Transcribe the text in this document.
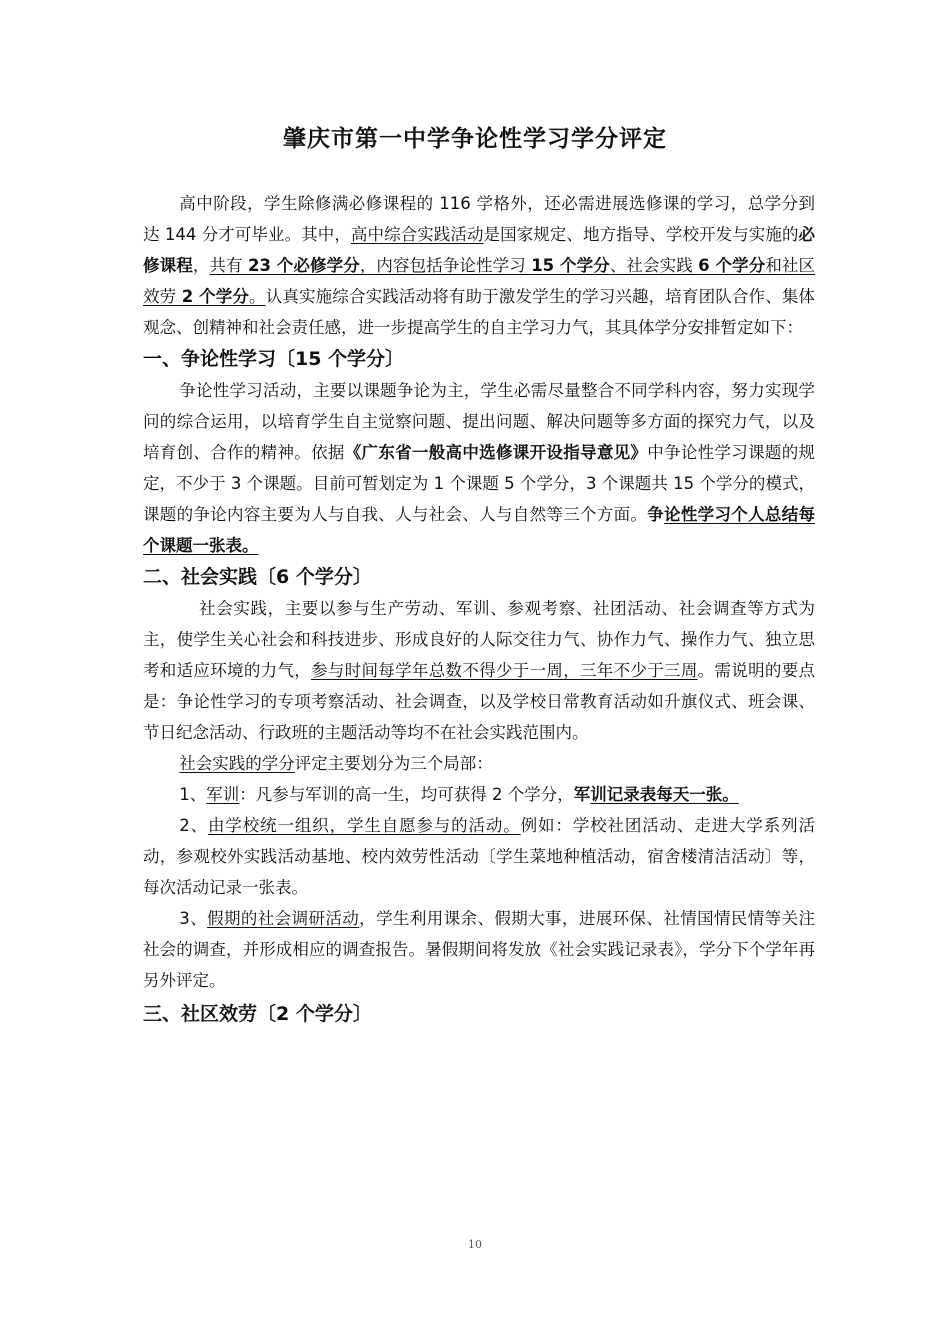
肇庆市第一中学争论性学习学分评定

高中阶段，学生除修满必修课程的 116 学格外，还必需进展选修课的学习，总学分到达 144 分才可毕业。其中，高中综合实践活动是国家规定、地方指导、学校开发与实施的必修课程，共有 23 个必修学分，内容包括争论性学习 15 个学分、社会实践 6 个学分和社区效劳 2 个学分。认真实施综合实践活动将有助于激发学生的学习兴趣，培育团队合作、集体观念、创精神和社会责任感，进一步提高学生的自主学习力气，其具体学分安排暂定如下：

一、争论性学习〔15 个学分〕

争论性学习活动，主要以课题争论为主，学生必需尽量整合不同学科内容，努力实现学问的综合运用，以培育学生自主觉察问题、提出问题、解决问题等多方面的探究力气，以及培育创、合作的精神。依据《广东省一般高中选修课开设指导意见》中争论性学习课题的规定，不少于 3 个课题。目前可暂划定为 1 个课题 5 个学分，3 个课题共 15 个学分的模式，课题的争论内容主要为人与自我、人与社会、人与自然等三个方面。争论性学习个人总结每个课题一张表。

二、社会实践〔6 个学分〕

社会实践，主要以参与生产劳动、军训、参观考察、社团活动、社会调查等方式为主，使学生关心社会和科技进步、形成良好的人际交往力气、协作力气、操作力气、独立思考和适应环境的力气，参与时间每学年总数不得少于一周，三年不少于三周。需说明的要点是：争论性学习的专项考察活动、社会调查，以及学校日常教育活动如升旗仪式、班会课、节日纪念活动、行政班的主题活动等均不在社会实践范围内。

社会实践的学分评定主要划分为三个局部：

1、军训：凡参与军训的高一生，均可获得 2 个学分，军训记录表每天一张。

2、由学校统一组织，学生自愿参与的活动。例如：学校社团活动、走进大学系列活动，参观校外实践活动基地、校内效劳性活动〔学生菜地种植活动，宿舍楼清洁活动〕等，每次活动记录一张表。

3、假期的社会调研活动，学生利用课余、假期大事，进展环保、社情国情民情等关注社会的调查，并形成相应的调查报告。暑假期间将发放《社会实践记录表》，学分下个学年再另外评定。

三、社区效劳〔2 个学分〕

10
